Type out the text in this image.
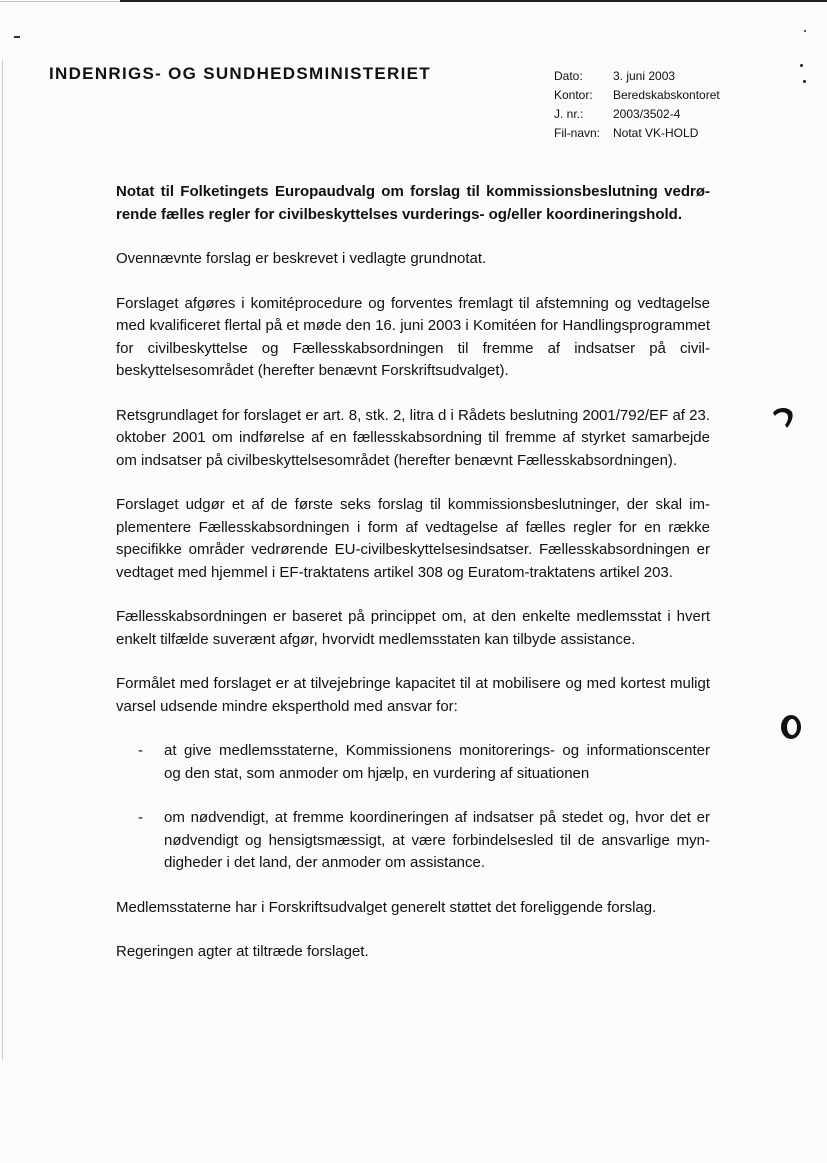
INDENRIGS- OG SUNDHEDSMINISTERIET	Dato:	3. juni 2003
Kontor:	Beredskabskontoret
J. nr.:	2003/3502-4
Fil-navn:	Notat VK-HOLD

Notat til Folketingets Europaudvalg om forslag til kommissionsbeslutning vedrørende fælles regler for civilbeskyttelses vurderings- og/eller koordineringshold.

Ovennævnte forslag er beskrevet i vedlagte grundnotat.

Forslaget afgøres i komitéprocedure og forventes fremlagt til afstemning og vedtagelse med kvalificeret flertal på et møde den 16. juni 2003 i Komitéen for Handlingsprogrammet for civilbeskyttelse og Fællesskabsordningen til fremme af indsatser på civilbeskyttelsesområdet (herefter benævnt Forskriftsudvalget).

Retsgrundlaget for forslaget er art. 8, stk. 2, litra d i Rådets beslutning 2001/792/EF af 23. oktober 2001 om indførelse af en fællesskabsordning til fremme af styrket samarbejde om indsatser på civilbeskyttelsesområdet (herefter benævnt Fællesskabsordningen).

Forslaget udgør et af de første seks forslag til kommissionsbeslutninger, der skal implementere Fællesskabsordningen i form af vedtagelse af fælles regler for en række specifikke områder vedrørende EU-civilbeskyttelsesindsatser. Fællesskabsordningen er vedtaget med hjemmel i EF-traktatens artikel 308 og Euratom-traktatens artikel 203.

Fællesskabsordningen er baseret på princippet om, at den enkelte medlemsstat i hvert enkelt tilfælde suverænt afgør, hvorvidt medlemsstaten kan tilbyde assistance.

Formålet med forslaget er at tilvejebringe kapacitet til at mobilisere og med kortest muligt varsel udsende mindre eksperthold med ansvar for:

-	at give medlemsstaterne, Kommissionens monitorerings- og informationscenter og den stat, som anmoder om hjælp, en vurdering af situationen
-	om nødvendigt, at fremme koordineringen af indsatser på stedet og, hvor det er nødvendigt og hensigtsmæssigt, at være forbindelsesled til de ansvarlige myndigheder i det land, der anmoder om assistance.

Medlemsstaterne har i Forskriftsudvalget generelt støttet det foreliggende forslag.

Regeringen agter at tiltræde forslaget.
